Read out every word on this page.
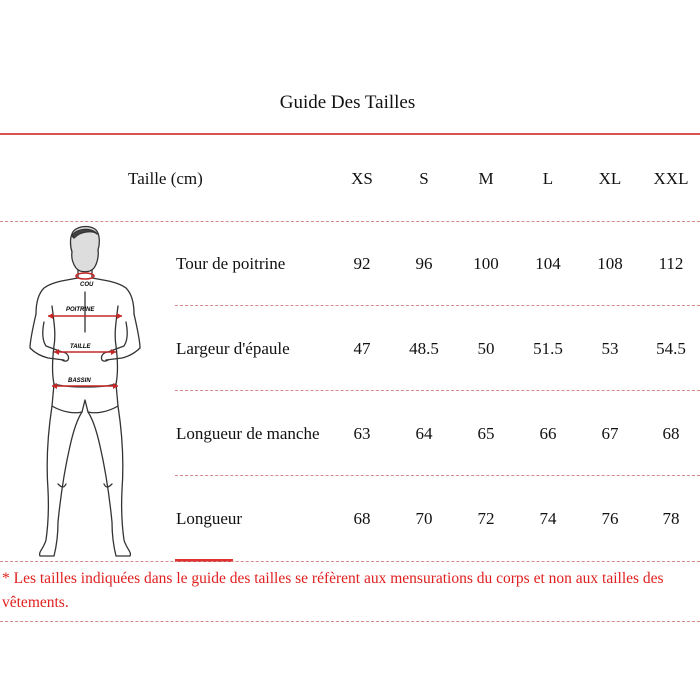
Guide Des Tailles
Taille (cm)	XS	S	M	L	XL	XXL
COU
POITRINE
TAILLE
BASSIN
Tour de poitrine	92	96	100	104	108	112
Largeur d'épaule	47	48.5	50	51.5	53	54.5
Longueur de manche	63	64	65	66	67	68
Longueur	68	70	72	74	76	78
* Les tailles indiquées dans le guide des tailles se réfèrent aux mensurations du corps et non aux tailles des vêtements.
